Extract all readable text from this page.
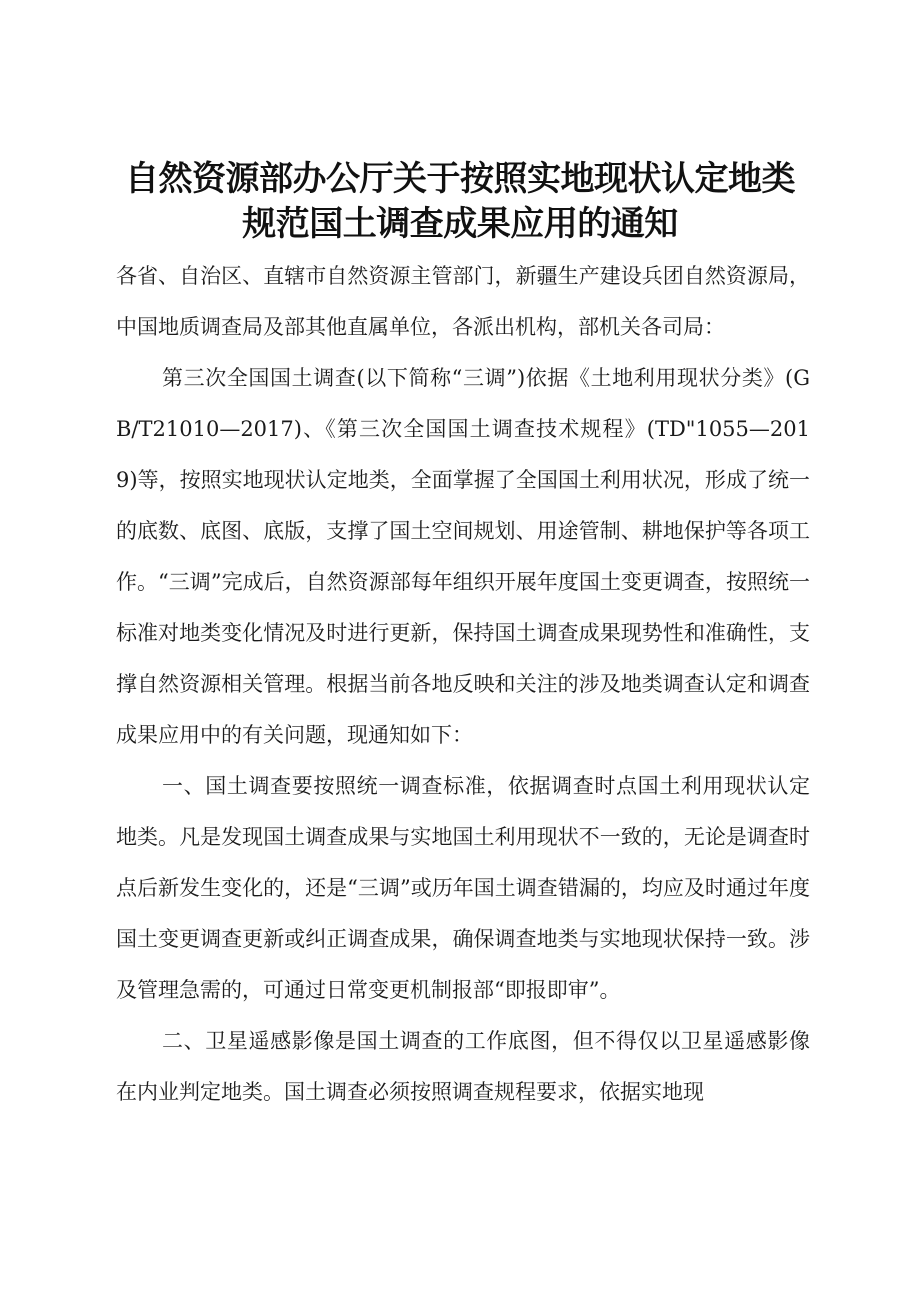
自然资源部办公厅关于按照实地现状认定地类
规范国土调查成果应用的通知

各省、自治区、直辖市自然资源主管部门，新疆生产建设兵团自然资源局，中国地质调查局及部其他直属单位，各派出机构，部机关各司局：

第三次全国国土调查(以下简称“三调”)依据《土地利用现状分类》(GB/T21010—2017)、《第三次全国国土调查技术规程》(TD"1055—2019)等，按照实地现状认定地类，全面掌握了全国国土利用状况，形成了统一的底数、底图、底版，支撑了国土空间规划、用途管制、耕地保护等各项工作。“三调”完成后，自然资源部每年组织开展年度国土变更调查，按照统一标准对地类变化情况及时进行更新，保持国土调查成果现势性和准确性，支撑自然资源相关管理。根据当前各地反映和关注的涉及地类调查认定和调查成果应用中的有关问题，现通知如下：

一、国土调查要按照统一调查标准，依据调查时点国土利用现状认定地类。凡是发现国土调查成果与实地国土利用现状不一致的，无论是调查时点后新发生变化的，还是“三调”或历年国土调查错漏的，均应及时通过年度国土变更调查更新或纠正调查成果，确保调查地类与实地现状保持一致。涉及管理急需的，可通过日常变更机制报部“即报即审”。

二、卫星遥感影像是国土调查的工作底图，但不得仅以卫星遥感影像在内业判定地类。国土调查必须按照调查规程要求，依据实地现
